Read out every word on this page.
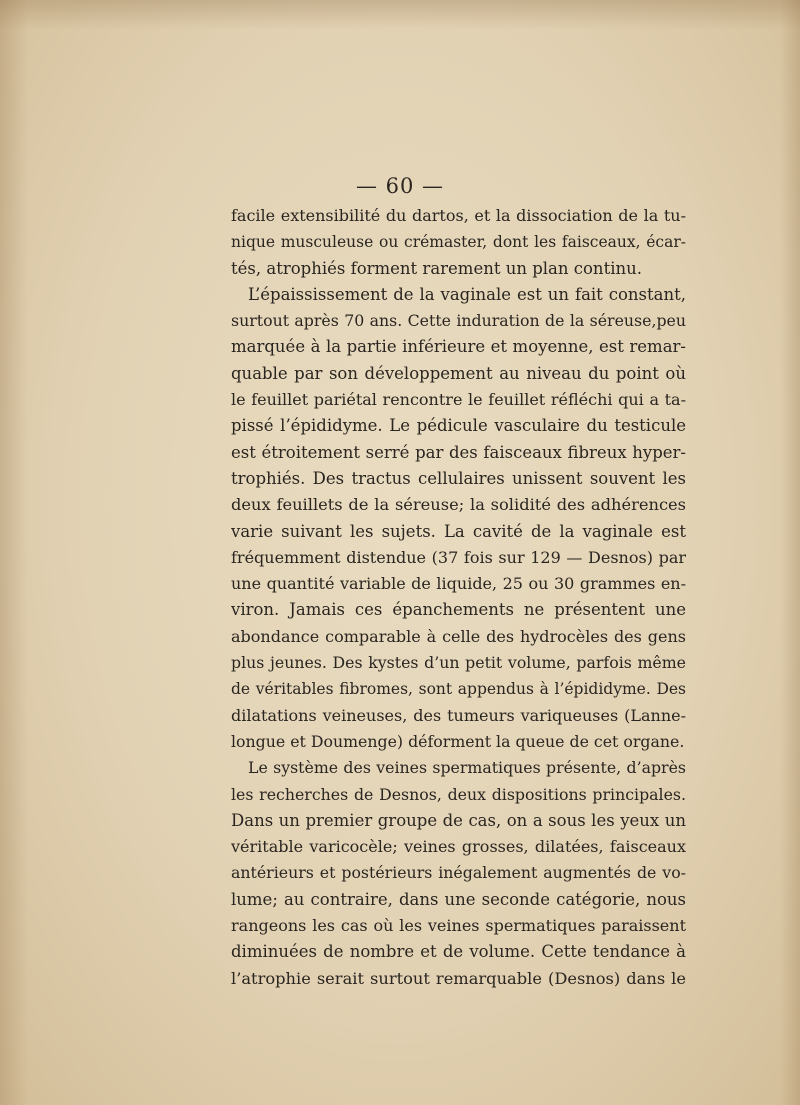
— 60 —
facile extensibilité du dartos, et la dissociation de la tu-
nique musculeuse ou crémaster, dont les faisceaux, écar-
tés, atrophiés forment rarement un plan continu.
L’épaississement de la vaginale est un fait constant,
surtout après 70 ans. Cette induration de la séreuse,peu
marquée à la partie inférieure et moyenne, est remar-
quable par son développement au niveau du point où
le feuillet pariétal rencontre le feuillet réfléchi qui a ta-
pissé l’épididyme. Le pédicule vasculaire du testicule
est étroitement serré par des faisceaux fibreux hyper-
trophiés. Des tractus cellulaires unissent souvent les
deux feuillets de la séreuse; la solidité des adhérences
varie suivant les sujets. La cavité de la vaginale est
fréquemment distendue (37 fois sur 129 — Desnos) par
une quantité variable de liquide, 25 ou 30 grammes en-
viron. Jamais ces épanchements ne présentent une
abondance comparable à celle des hydrocèles des gens
plus jeunes. Des kystes d’un petit volume, parfois même
de véritables fibromes, sont appendus à l’épididyme. Des
dilatations veineuses, des tumeurs variqueuses (Lanne-
longue et Doumenge) déforment la queue de cet organe.
Le système des veines spermatiques présente, d’après
les recherches de Desnos, deux dispositions principales.
Dans un premier groupe de cas, on a sous les yeux un
véritable varicocèle; veines grosses, dilatées, faisceaux
antérieurs et postérieurs inégalement augmentés de vo-
lume; au contraire, dans une seconde catégorie, nous
rangeons les cas où les veines spermatiques paraissent
diminuées de nombre et de volume. Cette tendance à
l’atrophie serait surtout remarquable (Desnos) dans le
